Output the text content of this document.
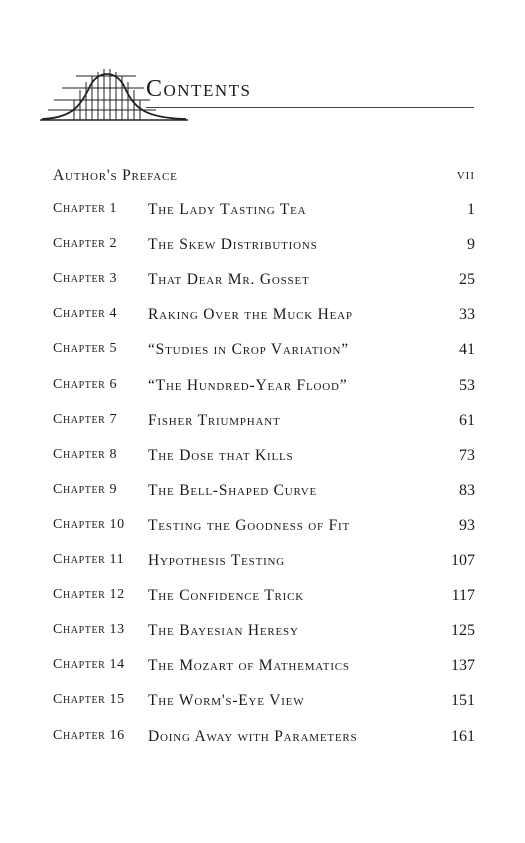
Contents
Author's Preface	vii
Chapter 1 The Lady Tasting Tea	1
Chapter 2 The Skew Distributions	9
Chapter 3 That Dear Mr. Gosset	25
Chapter 4 Raking Over the Muck Heap	33
Chapter 5 “Studies in Crop Variation”	41
Chapter 6 “The Hundred-Year Flood”	53
Chapter 7 Fisher Triumphant	61
Chapter 8 The Dose that Kills	73
Chapter 9 The Bell-Shaped Curve	83
Chapter 10 Testing the Goodness of Fit	93
Chapter 11 Hypothesis Testing	107
Chapter 12 The Confidence Trick	117
Chapter 13 The Bayesian Heresy	125
Chapter 14 The Mozart of Mathematics	137
Chapter 15 The Worm's-Eye View	151
Chapter 16 Doing Away with Parameters	161
